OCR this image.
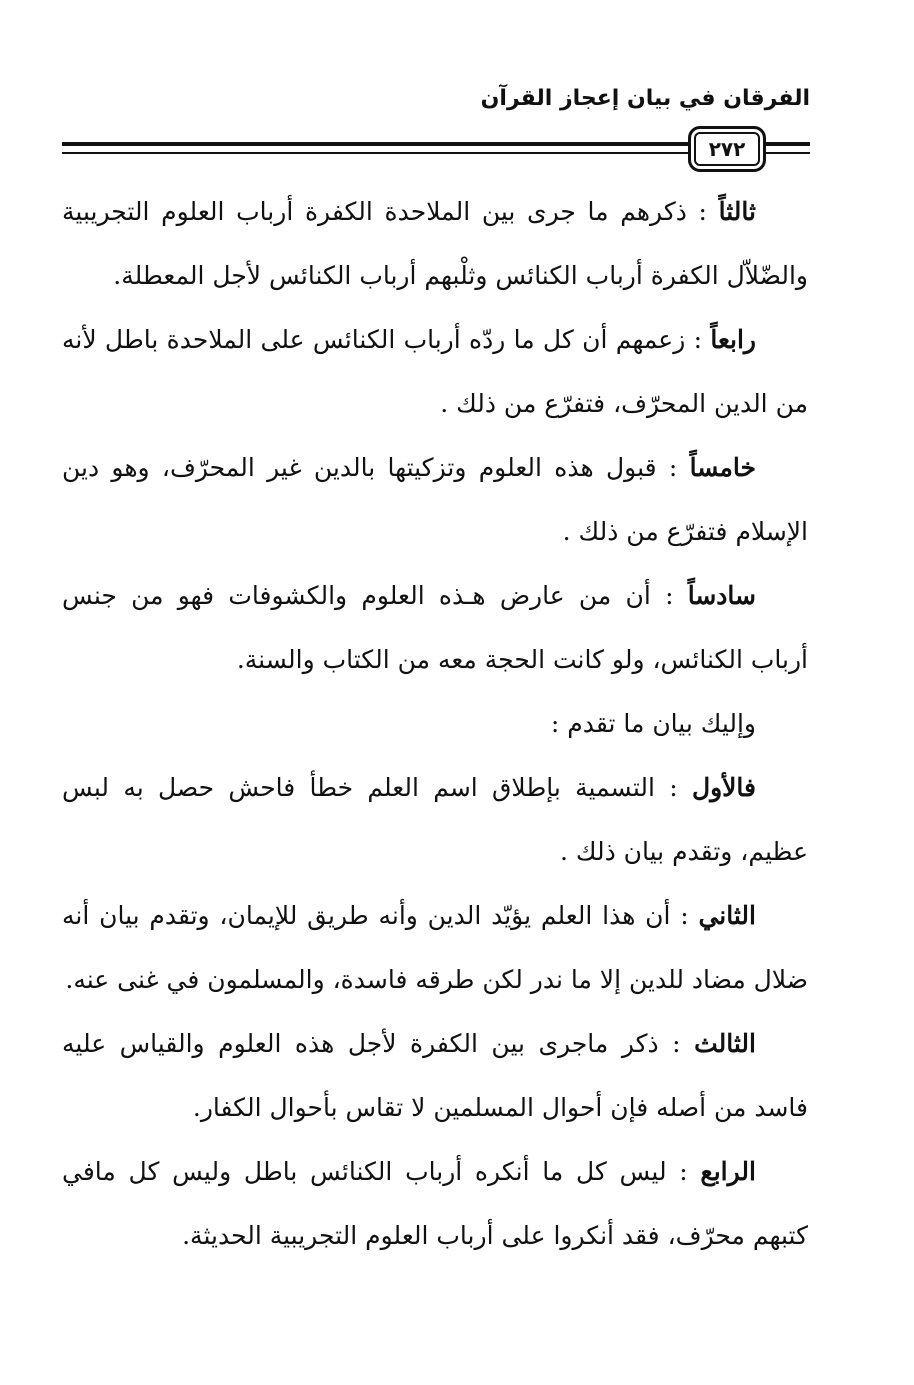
الفرقان في بيان إعجاز القرآن
٢٧٢

ثالثاً : ذكرهم ما جرى بين الملاحدة الكفرة أرباب العلوم التجريبية والضّلاّل الكفرة أرباب الكنائس وثلْبهم أرباب الكنائس لأجل المعطلة.

رابعاً : زعمهم أن كل ما ردّه أرباب الكنائس على الملاحدة باطل لأنه من الدين المحرّف، فتفرّع من ذلك .

خامساً : قبول هذه العلوم وتزكيتها بالدين غير المحرّف، وهو دين الإسلام فتفرّع من ذلك .

سادساً : أن من عارض هـذه العلوم والكشوفات فهو من جنس أرباب الكنائس، ولو كانت الحجة معه من الكتاب والسنة.

وإليك بيان ما تقدم :

فالأول : التسمية بإطلاق اسم العلم خطأ فاحش حصل به لبس عظيم، وتقدم بيان ذلك .

الثاني : أن هذا العلم يؤيّد الدين وأنه طريق للإيمان، وتقدم بيان أنه ضلال مضاد للدين إلا ما ندر لكن طرقه فاسدة، والمسلمون في غنى عنه.

الثالث : ذكر ماجرى بين الكفرة لأجل هذه العلوم والقياس عليه فاسد من أصله فإن أحوال المسلمين لا تقاس بأحوال الكفار.

الرابع : ليس كل ما أنكره أرباب الكنائس باطل وليس كل مافي كتبهم محرّف، فقد أنكروا على أرباب العلوم التجريبية الحديثة.
